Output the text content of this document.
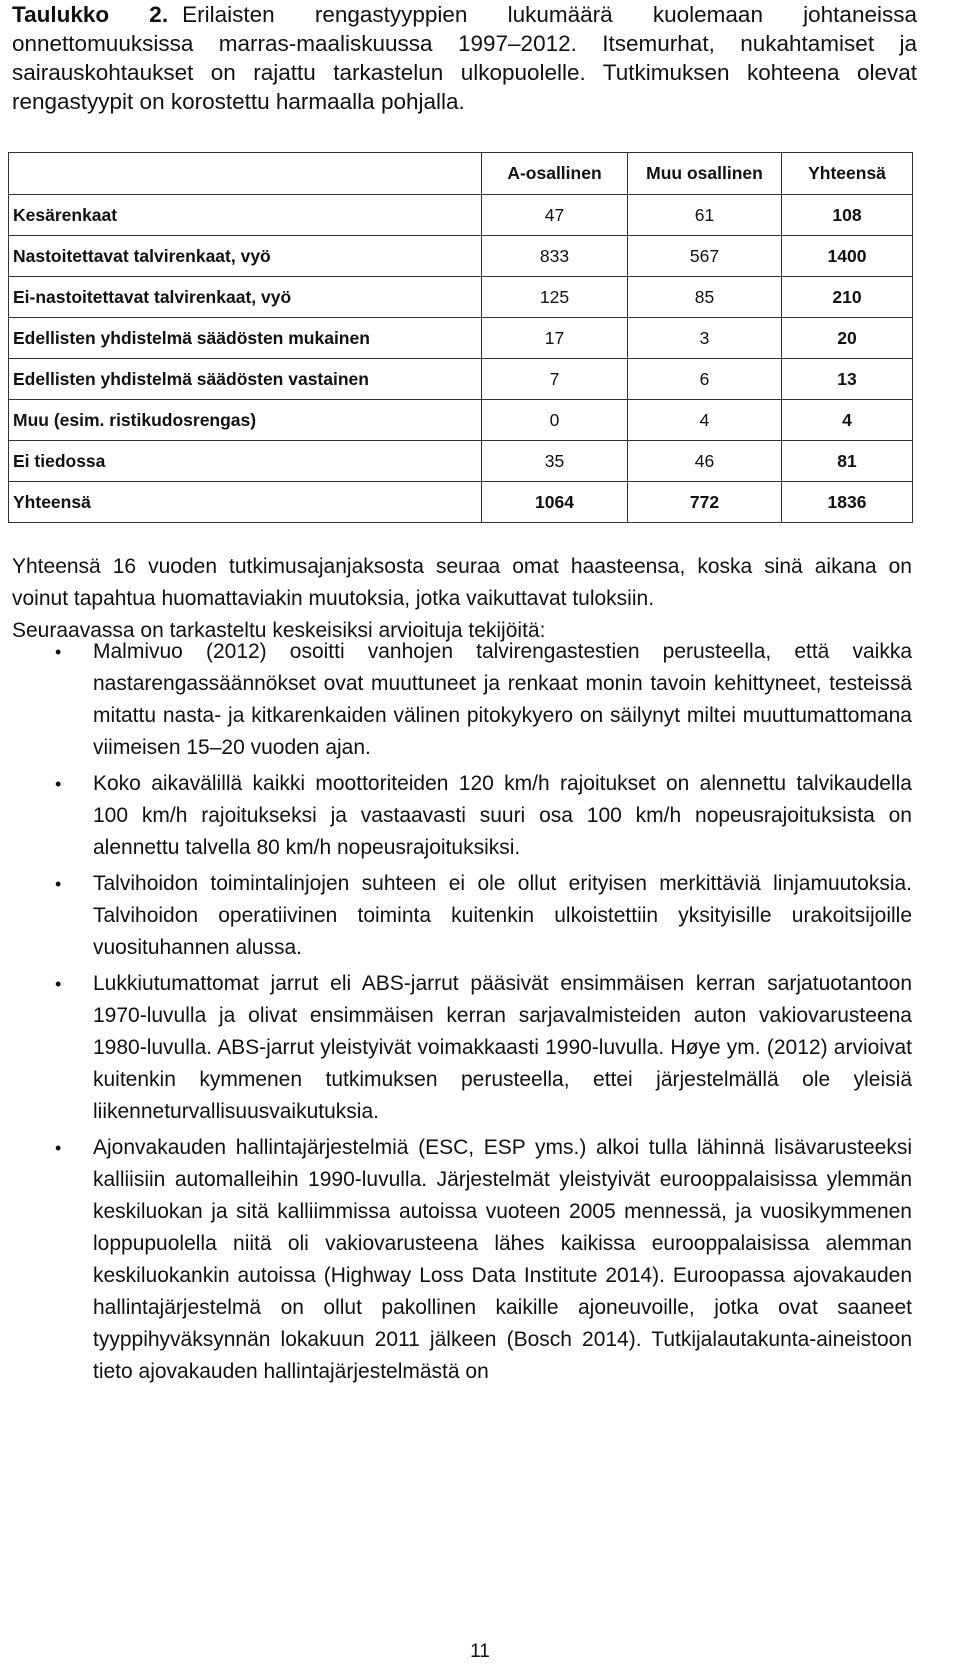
Taulukko 2. Erilaisten rengastyyppien lukumäärä kuolemaan johtaneissa onnettomuuksissa marras-maaliskuussa 1997–2012. Itsemurhat, nukahtamiset ja sairauskohtaukset on rajattu tarkastelun ulkopuolelle. Tutkimuksen kohteena olevat rengastyypit on korostettu harmaalla pohjalla.
	A-osallinen	Muu osallinen	Yhteensä
Kesärenkaat	47	61	108
Nastoitettavat talvirenkaat, vyö	833	567	1400
Ei-nastoitettavat talvirenkaat, vyö	125	85	210
Edellisten yhdistelmä säädösten mukainen	17	3	20
Edellisten yhdistelmä säädösten vastainen	7	6	13
Muu (esim. ristikudosrengas)	0	4	4
Ei tiedossa	35	46	81
Yhteensä	1064	772	1836

Yhteensä 16 vuoden tutkimusajanjaksosta seuraa omat haasteensa, koska sinä aikana on voinut tapahtua huomattaviakin muutoksia, jotka vaikuttavat tuloksiin.

Seuraavassa on tarkasteltu keskeisiksi arvioituja tekijöitä:

• Malmivuo (2012) osoitti vanhojen talvirengastestien perusteella, että vaikka nastarengassäännökset ovat muuttuneet ja renkaat monin tavoin kehittyneet, testeissä mitattu nasta- ja kitkarenkaiden välinen pitokykyero on säilynyt miltei muuttumattomana viimeisen 15–20 vuoden ajan.
• Koko aikavälillä kaikki moottoriteiden 120 km/h rajoitukset on alennettu talvikaudella 100 km/h rajoitukseksi ja vastaavasti suuri osa 100 km/h nopeusrajoituksista on alennettu talvella 80 km/h nopeusrajoituksiksi.
• Talvihoidon toimintalinjojen suhteen ei ole ollut erityisen merkittäviä linjamuutoksia. Talvihoidon operatiivinen toiminta kuitenkin ulkoistettiin yksityisille urakoitsijoille vuosituhannen alussa.
• Lukkiutumattomat jarrut eli ABS-jarrut pääsivät ensimmäisen kerran sarjatuotantoon 1970-luvulla ja olivat ensimmäisen kerran sarjavalmisteiden auton vakiovarusteena 1980-luvulla. ABS-jarrut yleistyivät voimakkaasti 1990-luvulla. Høye ym. (2012) arvioivat kuitenkin kymmenen tutkimuksen perusteella, ettei järjestelmällä ole yleisiä liikenneturvallisuusvaikutuksia.
• Ajonvakauden hallintajärjestelmiä (ESC, ESP yms.) alkoi tulla lähinnä lisävarusteeksi kalliisiin automalleihin 1990-luvulla. Järjestelmät yleistyivät eurooppalaisissa ylemmän keskiluokan ja sitä kalliimmissa autoissa vuoteen 2005 mennessä, ja vuosikymmenen loppupuolella niitä oli vakiovarusteena lähes kaikissa eurooppalaisissa alemman keskiluokankin autoissa (Highway Loss Data Institute 2014). Euroopassa ajovakauden hallintajärjestelmä on ollut pakollinen kaikille ajoneuvoille, jotka ovat saaneet tyyppihyväksynnän lokakuun 2011 jälkeen (Bosch 2014). Tutkijalautakunta-aineistoon tieto ajovakauden hallintajärjestelmästä on
11
